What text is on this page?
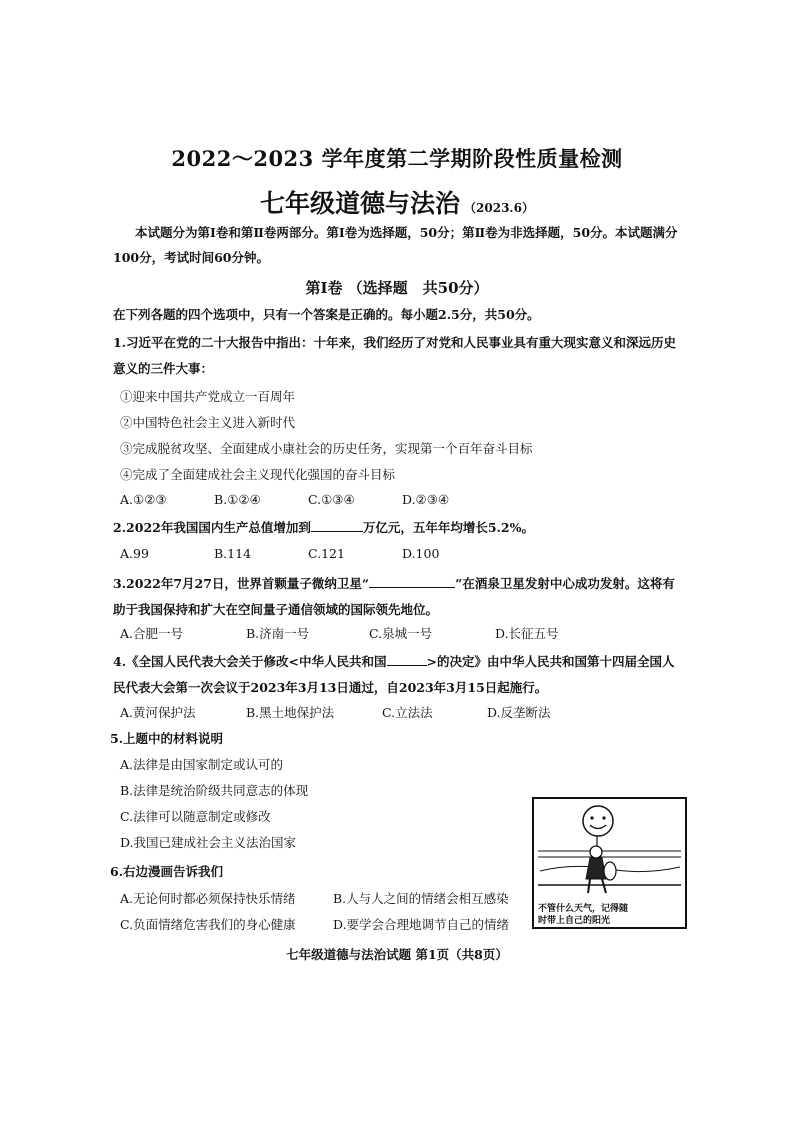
2022～2023 学年度第二学期阶段性质量检测
七年级道德与法治 （2023.6）
本试题分为第Ⅰ卷和第Ⅱ卷两部分。第Ⅰ卷为选择题，50分；第Ⅱ卷为非选择题，50分。本试题满分100分，考试时间60分钟。
第Ⅰ卷 （选择题　共50分）
在下列各题的四个选项中，只有一个答案是正确的。每小题2.5分，共50分。
1.习近平在党的二十大报告中指出：十年来，我们经历了对党和人民事业具有重大现实意义和深远历史意义的三件大事：
①迎来中国共产党成立一百周年
②中国特色社会主义进入新时代
③完成脱贫攻坚、全面建成小康社会的历史任务，实现第一个百年奋斗目标
④完成了全面建成社会主义现代化强国的奋斗目标
A.①②③	B.①②④	C.①③④	D.②③④
2.2022年我国国内生产总值增加到	万亿元，五年年均增长5.2%。
A.99	B.114	C.121	D.100
3.2022年7月27日，世界首颗量子微纳卫星“	”在酒泉卫星发射中心成功发射。这将有助于我国保持和扩大在空间量子通信领域的国际领先地位。
A.合肥一号	B.济南一号	C.泉城一号	D.长征五号
4.《全国人民代表大会关于修改<中华人民共和国	>的决定》由中华人民共和国第十四届全国人民代表大会第一次会议于2023年3月13日通过，自2023年3月15日起施行。
A.黄河保护法	B.黑土地保护法	C.立法法	D.反垄断法
5.上题中的材料说明
A.法律是由国家制定或认可的
B.法律是统治阶级共同意志的体现
C.法律可以随意制定或修改
D.我国已建成社会主义法治国家
6.右边漫画告诉我们
A.无论何时都必须保持快乐情绪	B.人与人之间的情绪会相互感染
C.负面情绪危害我们的身心健康	D.要学会合理地调节自己的情绪
不管什么天气，记得随
时带上自己的阳光
七年级道德与法治试题 第1页（共8页）
